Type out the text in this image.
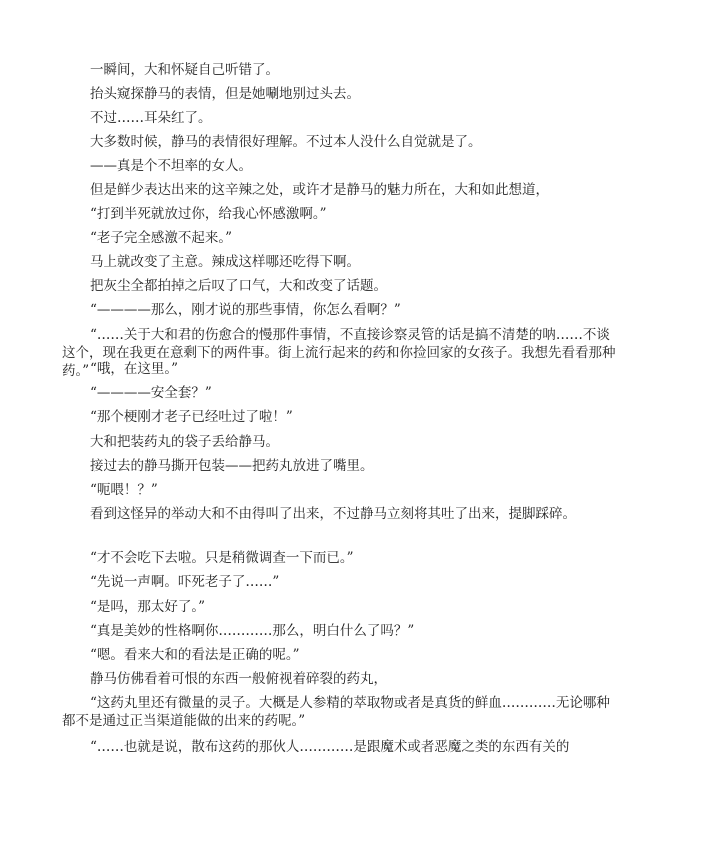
一瞬间，大和怀疑自己听错了。

抬头窥探静马的表情，但是她唰地别过头去。

不过……耳朵红了。

大多数时候，静马的表情很好理解。不过本人没什么自觉就是了。

——真是个不坦率的女人。

但是鲜少表达出来的这辛辣之处，或许才是静马的魅力所在，大和如此想道，

“打到半死就放过你，给我心怀感激啊。”

“老子完全感激不起来。”

马上就改变了主意。辣成这样哪还吃得下啊。

把灰尘全都拍掉之后叹了口气，大和改变了话题。

“————那么，刚才说的那些事情，你怎么看啊？”

“……关于大和君的伤愈合的慢那件事情，不直接诊察灵管的话是搞不清楚的呐……不谈这个，现在我更在意剩下的两件事。街上流行起来的药和你捡回家的女孩子。我想先看看那种药。” “哦，在这里。”

“————安全套？”

“那个梗刚才老子已经吐过了啦！”

大和把装药丸的袋子丢给静马。

接过去的静马撕开包装——把药丸放进了嘴里。

“呃喂！？”

看到这怪异的举动大和不由得叫了出来，不过静马立刻将其吐了出来，提脚踩碎。

“才不会吃下去啦。只是稍微调查一下而已。”

“先说一声啊。吓死老子了……”

“是吗，那太好了。”

“真是美妙的性格啊你…………那么，明白什么了吗？”

“嗯。看来大和的看法是正确的呢。”

静马仿佛看着可恨的东西一般俯视着碎裂的药丸，

“这药丸里还有微量的灵子。大概是人参精的萃取物或者是真货的鲜血…………无论哪种都不是通过正当渠道能做的出来的药呢。”

“……也就是说，散布这药的那伙人…………是跟魔术或者恶魔之类的东西有关的
